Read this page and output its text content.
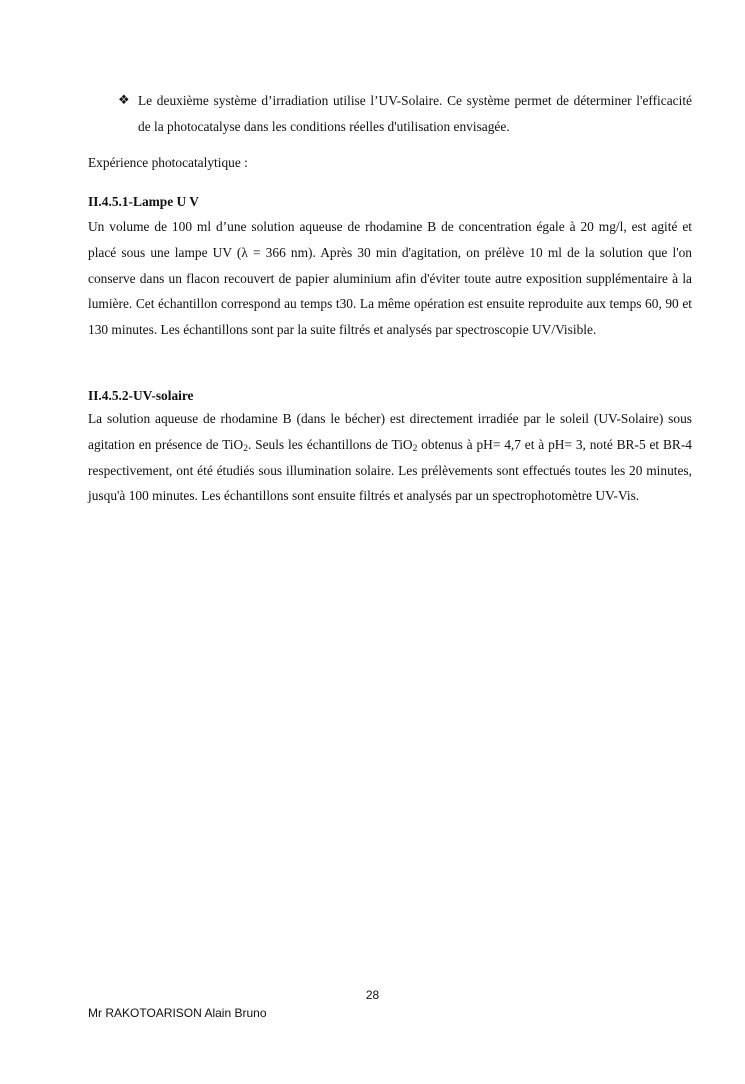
❖ Le deuxième système d’irradiation utilise l’UV-Solaire. Ce système permet de déterminer l'efficacité de la photocatalyse dans les conditions réelles d'utilisation envisagée.
Expérience photocatalytique :
II.4.5.1-Lampe U V
Un volume de 100 ml d’une solution aqueuse de rhodamine B de concentration égale à 20 mg/l, est agité et placé sous une lampe UV (λ = 366 nm). Après 30 min d'agitation, on prélève 10 ml de la solution que l'on conserve dans un flacon recouvert de papier aluminium afin d'éviter toute autre exposition supplémentaire à la lumière. Cet échantillon correspond au temps t30. La même opération est ensuite reproduite aux temps 60, 90 et 130 minutes. Les échantillons sont par la suite filtrés et analysés par spectroscopie UV/Visible.
II.4.5.2-UV-solaire
La solution aqueuse de rhodamine B (dans le bécher) est directement irradiée par le soleil (UV-Solaire) sous agitation en présence de TiO$_2$. Seuls les échantillons de TiO$_2$ obtenus à pH= 4,7 et à pH= 3, noté BR-5 et BR-4 respectivement, ont été étudiés sous illumination solaire. Les prélèvements sont effectués toutes les 20 minutes, jusqu'à 100 minutes. Les échantillons sont ensuite filtrés et analysés par un spectrophotomètre UV-Vis.
28
Mr RAKOTOARISON Alain Bruno
